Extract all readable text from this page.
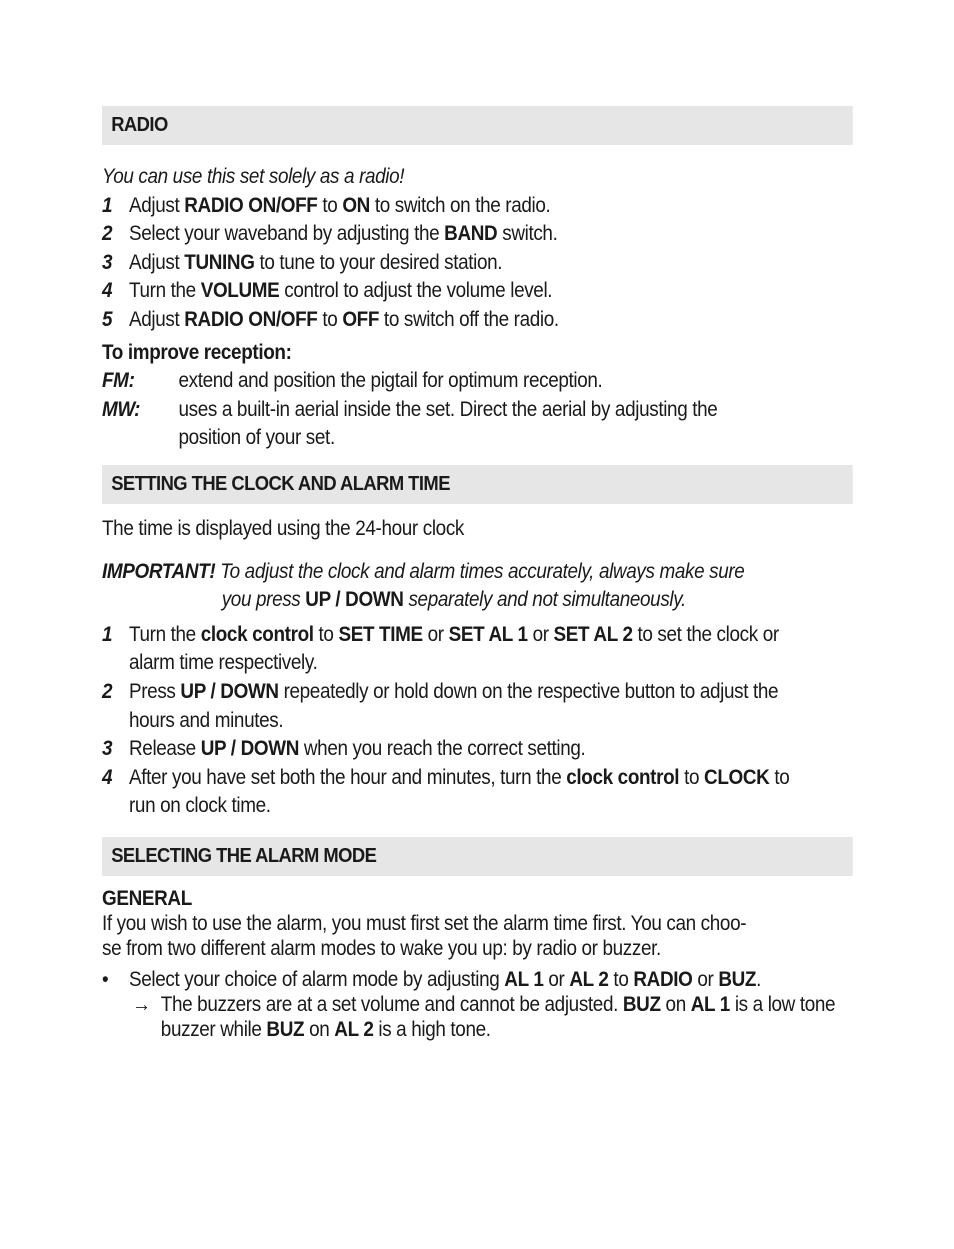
RADIO
You can use this set solely as a radio!
1 Adjust RADIO ON/OFF to ON to switch on the radio.
2 Select your waveband by adjusting the BAND switch.
3 Adjust TUNING to tune to your desired station.
4 Turn the VOLUME control to adjust the volume level.
5 Adjust RADIO ON/OFF to OFF to switch off the radio.
To improve reception:
FM:	extend and position the pigtail for optimum reception.
MW:	uses a built-in aerial inside the set. Direct the aerial by adjusting the position of your set.
SETTING THE CLOCK AND ALARM TIME
The time is displayed using the 24-hour clock
IMPORTANT! To adjust the clock and alarm times accurately, always make sure
you press UP / DOWN separately and not simultaneously.
1 Turn the clock control to SET TIME or SET AL 1 or SET AL 2 to set the clock or alarm time respectively.
2 Press UP / DOWN repeatedly or hold down on the respective button to adjust the hours and minutes.
3 Release UP / DOWN when you reach the correct setting.
4 After you have set both the hour and minutes, turn the clock control to CLOCK to run on clock time.
SELECTING THE ALARM MODE
GENERAL
If you wish to use the alarm, you must first set the alarm time first. You can choo-
se from two different alarm modes to wake you up: by radio or buzzer.
• Select your choice of alarm mode by adjusting AL 1 or AL 2 to RADIO or BUZ.
→ The buzzers are at a set volume and cannot be adjusted. BUZ on AL 1 is a low tone buzzer while BUZ on AL 2 is a high tone.
